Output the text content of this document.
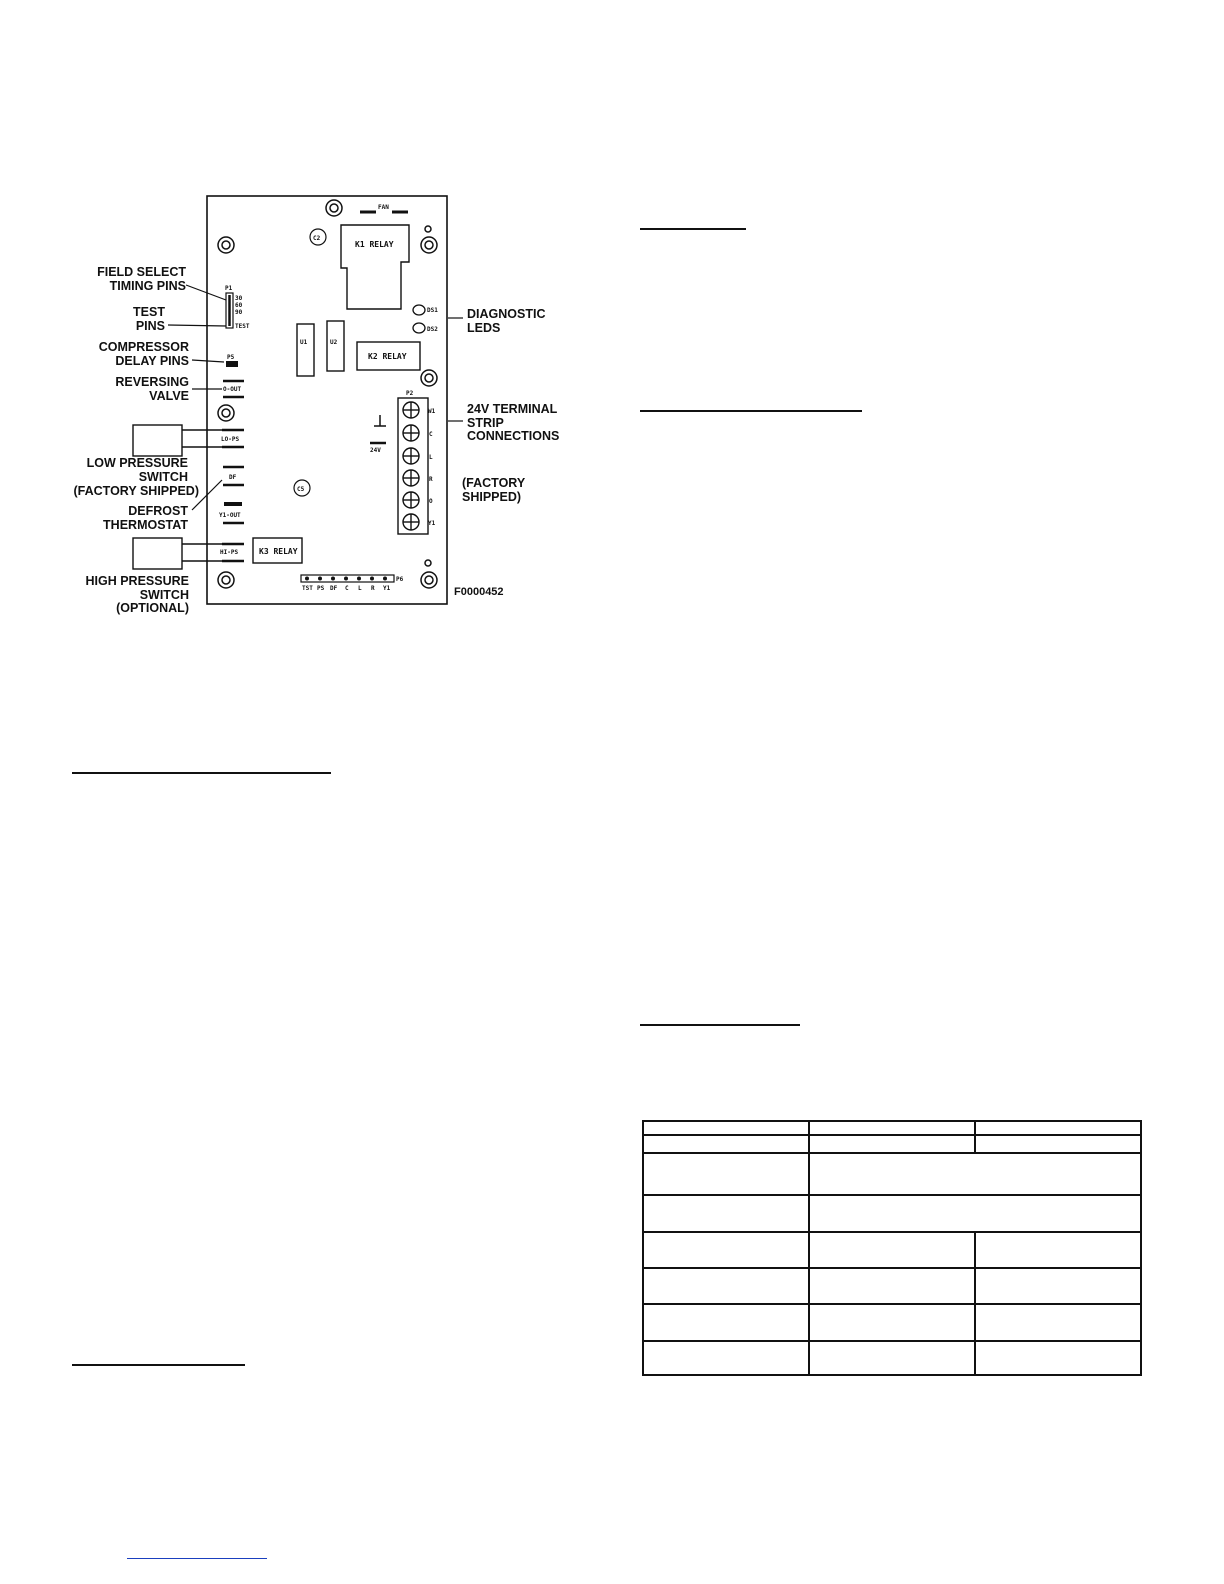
FAN
C2
C5
K1 RELAY
U1	U2
K2 RELAY
DS1
DS2
P1
30
60
90
TEST
P5
O-OUT
LO-PS
DF
Y1-OUT
HI-PS	K3 RELAY
24V
P2
W1
C
L
R
O
Y1
P6
TST PS DF C L R Y1
FIELD SELECT
TIMING PINS
TEST
PINS
COMPRESSOR
DELAY PINS
REVERSING
VALVE
LOW PRESSURE
SWITCH
(FACTORY SHIPPED)
DEFROST
THERMOSTAT
HIGH PRESSURE
SWITCH
(OPTIONAL)
DIAGNOSTIC
LEDS
24V TERMINAL
STRIP
CONNECTIONS
(FACTORY
SHIPPED)
F0000452
